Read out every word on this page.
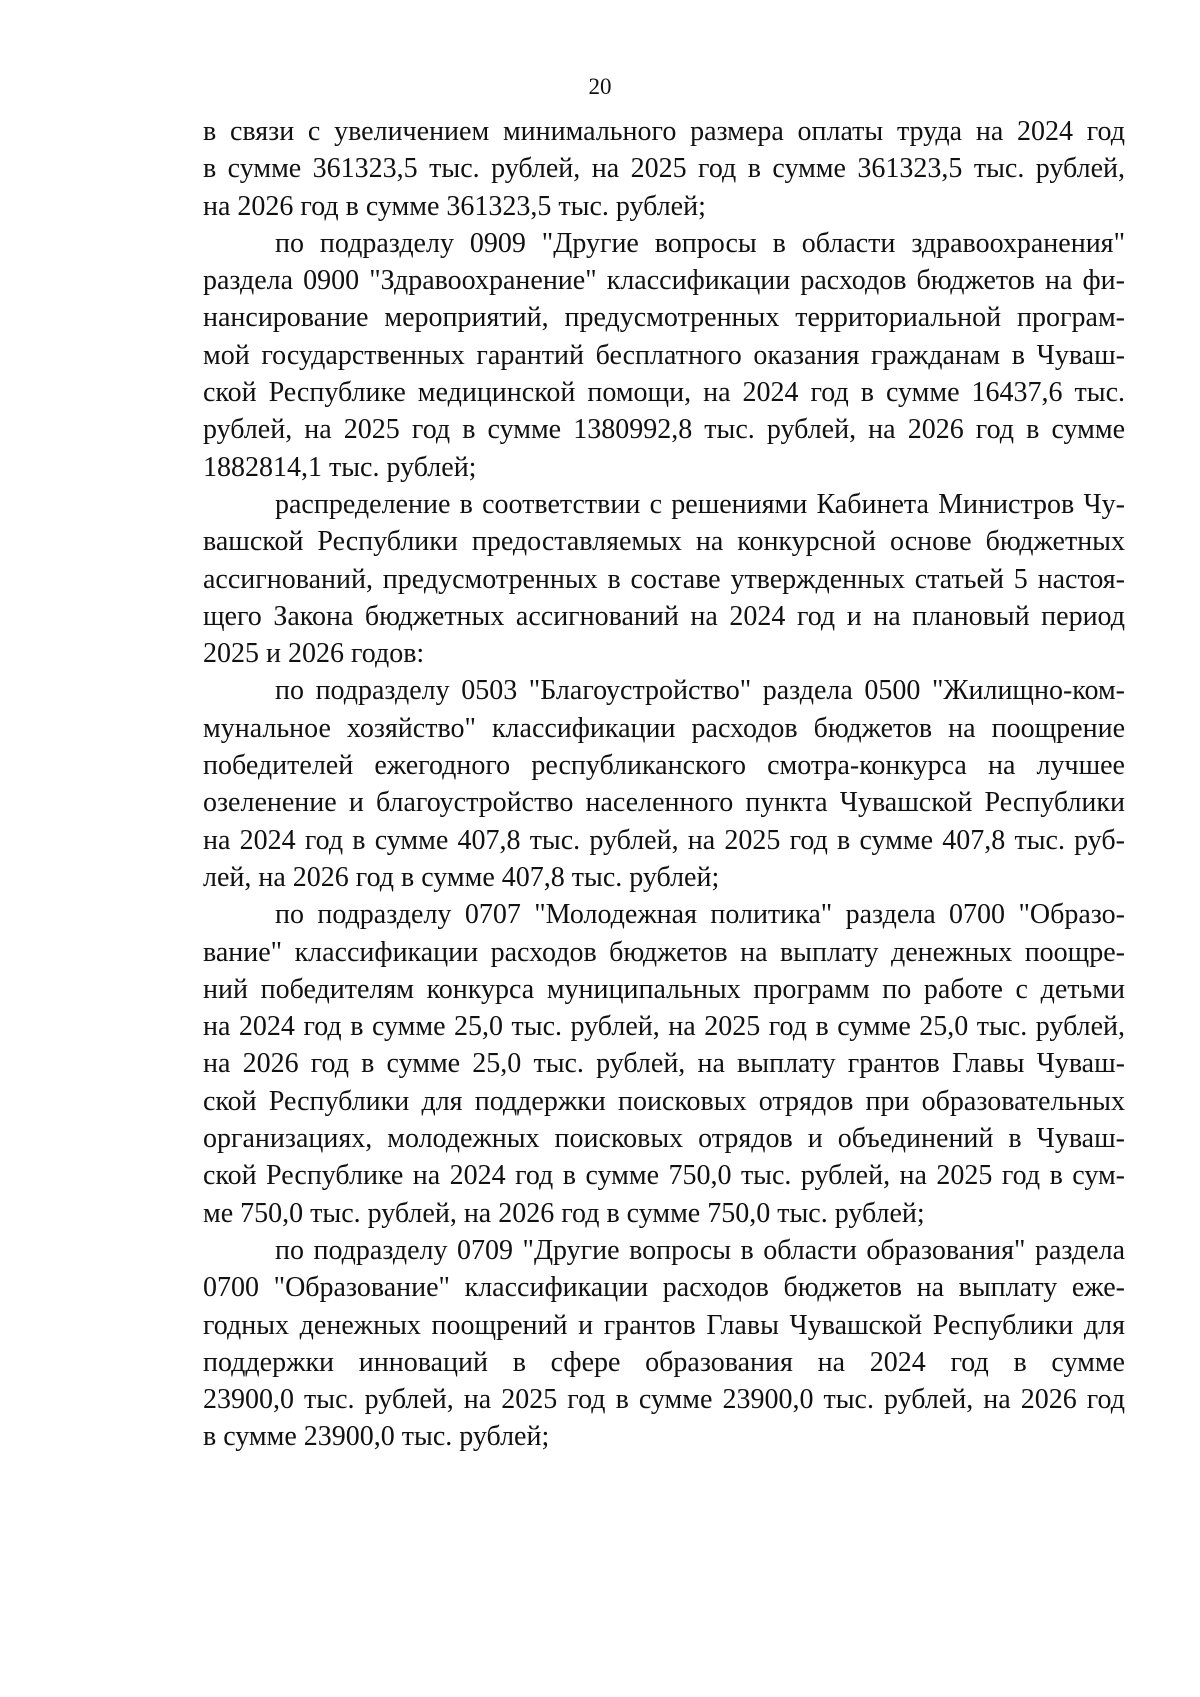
20
в связи с увеличением минимального размера оплаты труда на 2024 год
в сумме 361323,5 тыс. рублей, на 2025 год в сумме 361323,5 тыс. рублей,
на 2026 год в сумме 361323,5 тыс. рублей;
по подразделу 0909 "Другие вопросы в области здравоохранения"
раздела 0900 "Здравоохранение" классификации расходов бюджетов на фи-
нансирование мероприятий, предусмотренных территориальной програм-
мой государственных гарантий бесплатного оказания гражданам в Чуваш-
ской Республике медицинской помощи, на 2024 год в сумме 16437,6 тыс.
рублей, на 2025 год в сумме 1380992,8 тыс. рублей, на 2026 год в сумме
1882814,1 тыс. рублей;
распределение в соответствии с решениями Кабинета Министров Чу-
вашской Республики предоставляемых на конкурсной основе бюджетных
ассигнований, предусмотренных в составе утвержденных статьей 5 настоя-
щего Закона бюджетных ассигнований на 2024 год и на плановый период
2025 и 2026 годов:
по подразделу 0503 "Благоустройство" раздела 0500 "Жилищно-ком-
мунальное хозяйство" классификации расходов бюджетов на поощрение
победителей ежегодного республиканского смотра-конкурса на лучшее
озеленение и благоустройство населенного пункта Чувашской Республики
на 2024 год в сумме 407,8 тыс. рублей, на 2025 год в сумме 407,8 тыс. руб-
лей, на 2026 год в сумме 407,8 тыс. рублей;
по подразделу 0707 "Молодежная политика" раздела 0700 "Образо-
вание" классификации расходов бюджетов на выплату денежных поощре-
ний победителям конкурса муниципальных программ по работе с детьми
на 2024 год в сумме 25,0 тыс. рублей, на 2025 год в сумме 25,0 тыс. рублей,
на 2026 год в сумме 25,0 тыс. рублей, на выплату грантов Главы Чуваш-
ской Республики для поддержки поисковых отрядов при образовательных
организациях, молодежных поисковых отрядов и объединений в Чуваш-
ской Республике на 2024 год в сумме 750,0 тыс. рублей, на 2025 год в сум-
ме 750,0 тыс. рублей, на 2026 год в сумме 750,0 тыс. рублей;
по подразделу 0709 "Другие вопросы в области образования" раздела
0700 "Образование" классификации расходов бюджетов на выплату еже-
годных денежных поощрений и грантов Главы Чувашской Республики для
поддержки инноваций в сфере образования на 2024 год в сумме
23900,0 тыс. рублей, на 2025 год в сумме 23900,0 тыс. рублей, на 2026 год
в сумме 23900,0 тыс. рублей;
